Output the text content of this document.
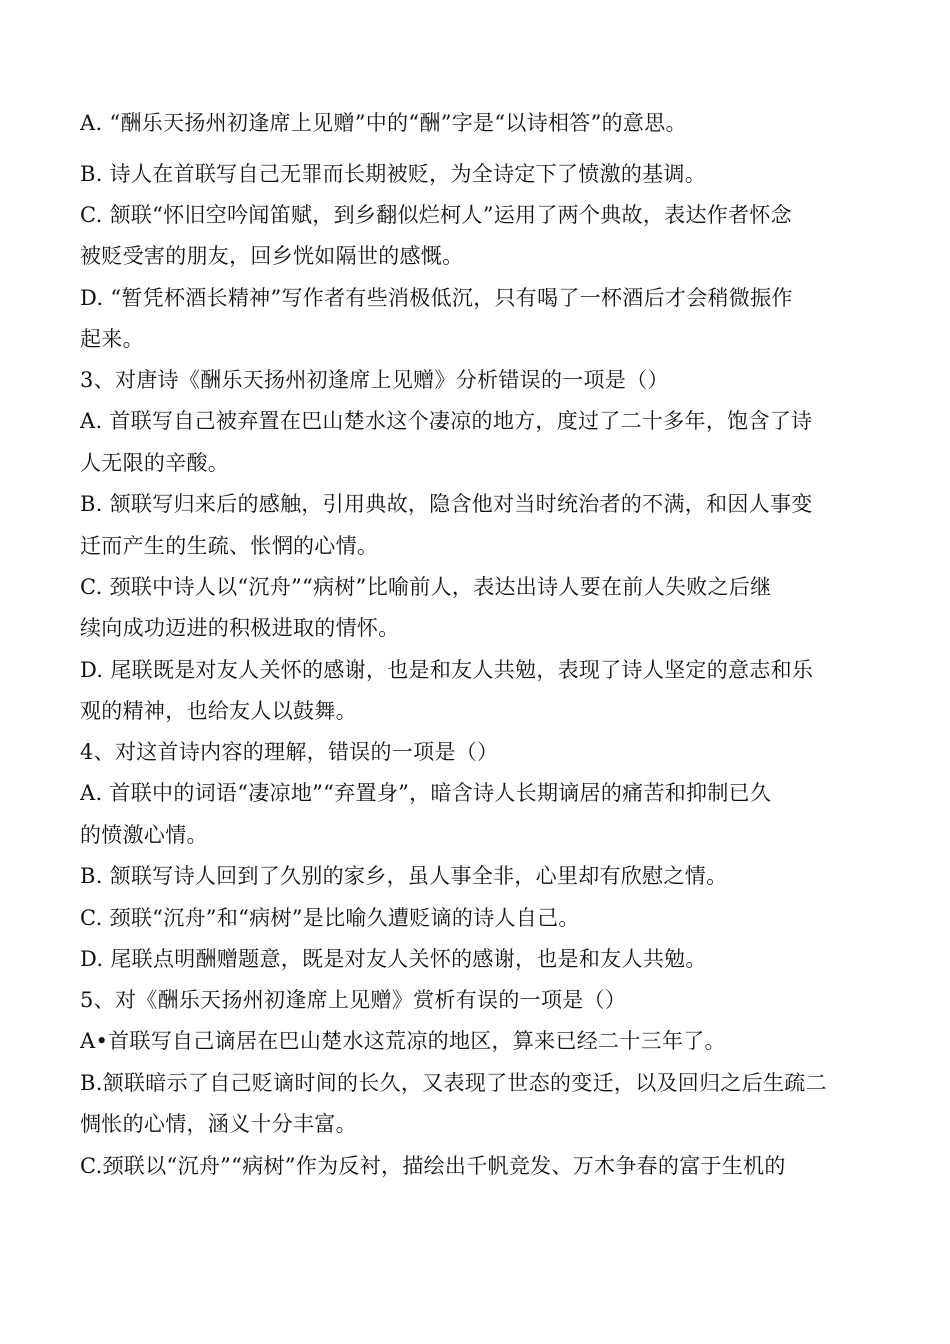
A. “酬乐天扬州初逢席上见赠”中的“酬”字是“以诗相答”的意思。
B. 诗人在首联写自己无罪而长期被贬，为全诗定下了愤激的基调。
C. 颔联“怀旧空吟闻笛赋，到乡翻似烂柯人”运用了两个典故，表达作者怀念
被贬受害的朋友，回乡恍如隔世的感慨。
D. “暂凭杯酒长精神”写作者有些消极低沉，只有喝了一杯酒后才会稍微振作
起来。
3、对唐诗《酬乐天扬州初逢席上见赠》分析错误的一项是（）
A. 首联写自己被弃置在巴山楚水这个凄凉的地方，度过了二十多年，饱含了诗
人无限的辛酸。
B. 颔联写归来后的感触，引用典故，隐含他对当时统治者的不满，和因人事变
迁而产生的生疏、怅惘的心情。
C. 颈联中诗人以“沉舟”“病树”比喻前人，表达出诗人要在前人失败之后继
续向成功迈进的积极进取的情怀。
D. 尾联既是对友人关怀的感谢，也是和友人共勉，表现了诗人坚定的意志和乐
观的精神，也给友人以鼓舞。
4、对这首诗内容的理解，错误的一项是（）
A. 首联中的词语“凄凉地”“弃置身”，暗含诗人长期谪居的痛苦和抑制已久
的愤激心情。
B. 颔联写诗人回到了久别的家乡，虽人事全非，心里却有欣慰之情。
C. 颈联“沉舟”和“病树”是比喻久遭贬谪的诗人自己。
D. 尾联点明酬赠题意，既是对友人关怀的感谢，也是和友人共勉。
5、对《酬乐天扬州初逢席上见赠》赏析有误的一项是（）
A•首联写自己谪居在巴山楚水这荒凉的地区，算来已经二十三年了。
B.颔联暗示了自己贬谪时间的长久，又表现了世态的变迁，以及回归之后生疏二
惆怅的心情，涵义十分丰富。
C.颈联以“沉舟”“病树”作为反衬，描绘出千帆竞发、万木争春的富于生机的
